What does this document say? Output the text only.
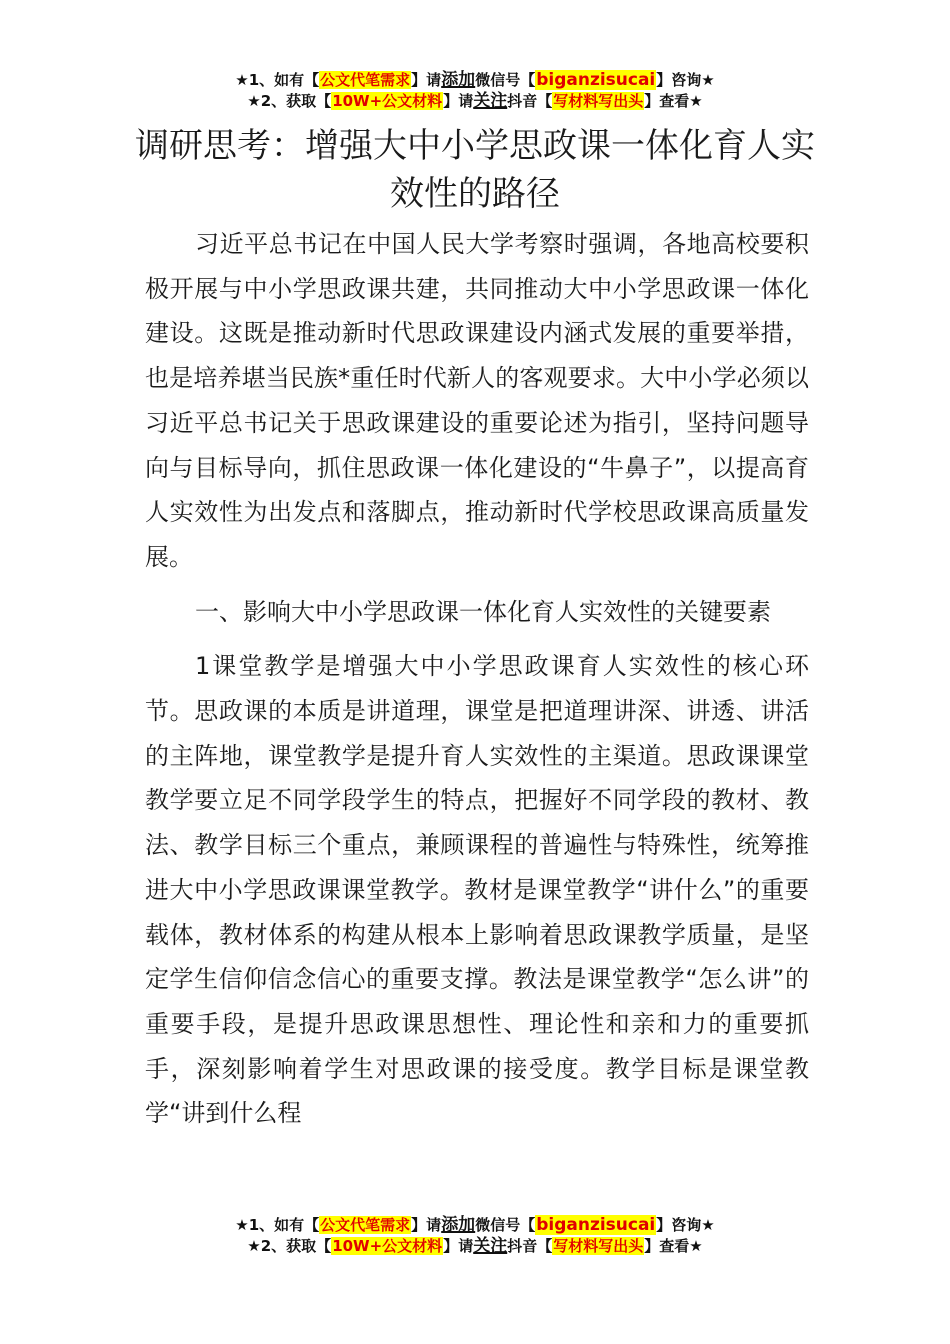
★1、如有【公文代笔需求】请添加微信号【biganzisucai】咨询★
★2、获取【10W+公文材料】请关注抖音【写材料写出头】查看★
调研思考：增强大中小学思政课一体化育人实效性的路径

习近平总书记在中国人民大学考察时强调，各地高校要积极开展与中小学思政课共建，共同推动大中小学思政课一体化建设。这既是推动新时代思政课建设内涵式发展的重要举措，也是培养堪当民族*重任时代新人的客观要求。大中小学必须以习近平总书记关于思政课建设的重要论述为指引，坚持问题导向与目标导向，抓住思政课一体化建设的“牛鼻子”，以提高育人实效性为出发点和落脚点，推动新时代学校思政课高质量发展。

一、影响大中小学思政课一体化育人实效性的关键要素

1课堂教学是增强大中小学思政课育人实效性的核心环节。思政课的本质是讲道理，课堂是把道理讲深、讲透、讲活的主阵地，课堂教学是提升育人实效性的主渠道。思政课课堂教学要立足不同学段学生的特点，把握好不同学段的教材、教法、教学目标三个重点，兼顾课程的普遍性与特殊性，统筹推进大中小学思政课课堂教学。教材是课堂教学“讲什么”的重要载体，教材体系的构建从根本上影响着思政课教学质量，是坚定学生信仰信念信心的重要支撑。教法是课堂教学“怎么讲”的重要手段，是提升思政课思想性、理论性和亲和力的重要抓手，深刻影响着学生对思政课的接受度。教学目标是课堂教学“讲到什么程

★1、如有【公文代笔需求】请添加微信号【biganzisucai】咨询★
★2、获取【10W+公文材料】请关注抖音【写材料写出头】查看★
